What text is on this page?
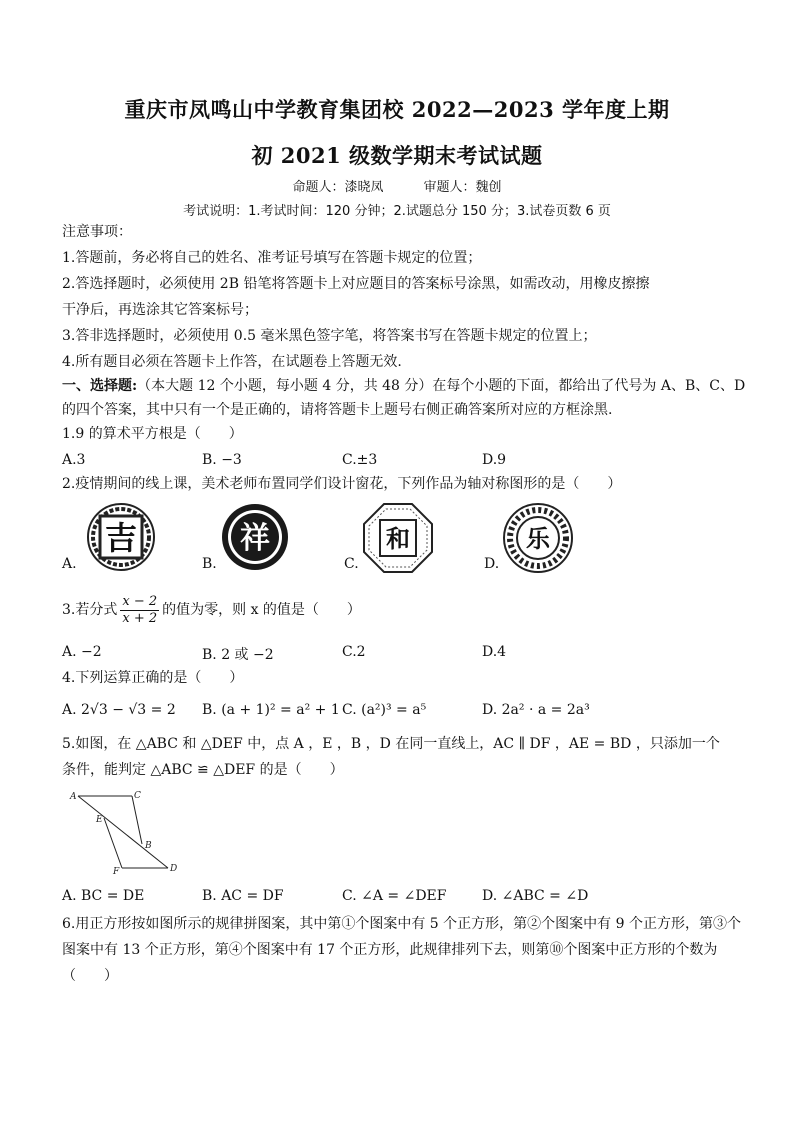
重庆市凤鸣山中学教育集团校 2022—2023 学年度上期
初 2021 级数学期末考试试题
命题人：漆晓凤	审题人：魏创
考试说明：1.考试时间：120 分钟；2.试题总分 150 分；3.试卷页数 6 页
注意事项：
1.答题前，务必将自己的姓名、准考证号填写在答题卡规定的位置；
2.答选择题时，必须使用 2B 铅笔将答题卡上对应题目的答案标号涂黑，如需改动，用橡皮擦擦
干净后，再选涂其它答案标号；
3.答非选择题时，必须使用 0.5 毫米黑色签字笔，将答案书写在答题卡规定的位置上；
4.所有题目必须在答题卡上作答，在试题卷上答题无效.
一、选择题:（本大题 12 个小题，每小题 4 分，共 48 分）在每个小题的下面，都给出了代号为 A、B、C、D
的四个答案，其中只有一个是正确的，请将答题卡上题号右侧正确答案所对应的方框涂黑.
1.9 的算术平方根是（　　）
A.3	B. −3	C.±3	D.9
2.疫情期间的线上课，美术老师布置同学们设计窗花，下列作品为轴对称图形的是（　　）
A.
吉
B.
祥
C.
和
D.
乐
3.若分式 $\frac{x - 2}{x + 2}$ 的值为零，则 x 的值是（　　）
A. −2	B. 2 或 −2	C.2	D.4
4.下列运算正确的是（　　）
A. 2√3 − √3 = 2 B. (a + 1)² = a² + 1 C. (a²)³ = a⁵	D. 2a² · a = 2a³
5.如图，在 △ABC 和 △DEF 中，点 A ，E ，B ，D 在同一直线上，AC ∥ DF ，AE = BD ，只添加一个
条件，能判定 △ABC ≌ △DEF 的是（　　）
A	C
E
B
F	D
A. BC = DE	B. AC = DF	C. ∠A = ∠DEF	D. ∠ABC = ∠D
6.用正方形按如图所示的规律拼图案，其中第①个图案中有 5 个正方形，第②个图案中有 9 个正方形，第③个
图案中有 13 个正方形，第④个图案中有 17 个正方形，此规律排列下去，则第⑩个图案中正方形的个数为
（　　）
